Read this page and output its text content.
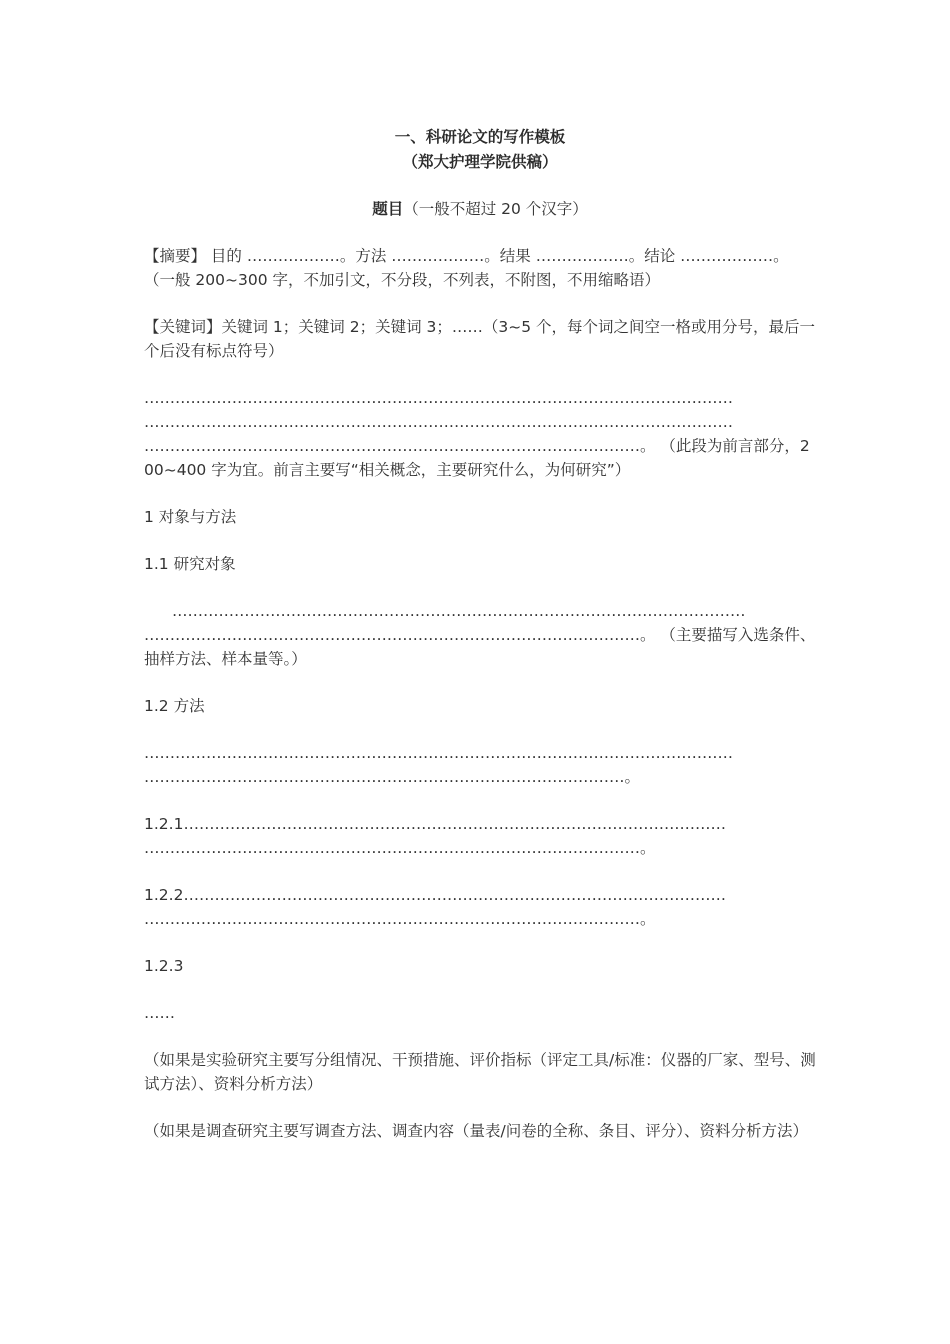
一、科研论文的写作模板
（郑大护理学院供稿）
题目（一般不超过 20 个汉字）

【摘要】 目的 ………………。方法 ………………。结果 ………………。结论 ………………。 （一般 200~300 字，不加引文，不分段，不列表，不附图，不用缩略语）

【关键词】关键词 1；关键词 2；关键词 3；……（3~5 个，每个词之间空一格或用分号，最后一个后没有标点符号）

……………………………………………………………………………………………………

……………………………………………………………………………………………………

……………………………………………………………………………………。 （此段为前言部分，200~400 字为宜。前言主要写“相关概念，主要研究什么，为何研究”）

1 对象与方法

1.1 研究对象

…………………………………………………………………………………………………

……………………………………………………………………………………。 （主要描写入选条件、抽样方法、样本量等。）

1.2 方法

……………………………………………………………………………………………………

…………………………………………………………………………………。

1.2.1……………………………………………………………………………………………

……………………………………………………………………………………。

1.2.2……………………………………………………………………………………………

……………………………………………………………………………………。

1.2.3

……

（如果是实验研究主要写分组情况、干预措施、评价指标（评定工具/标准：仪器的厂家、型号、测试方法）、资料分析方法）

（如果是调查研究主要写调查方法、调查内容（量表/问卷的全称、条目、评分）、资料分析方法）
